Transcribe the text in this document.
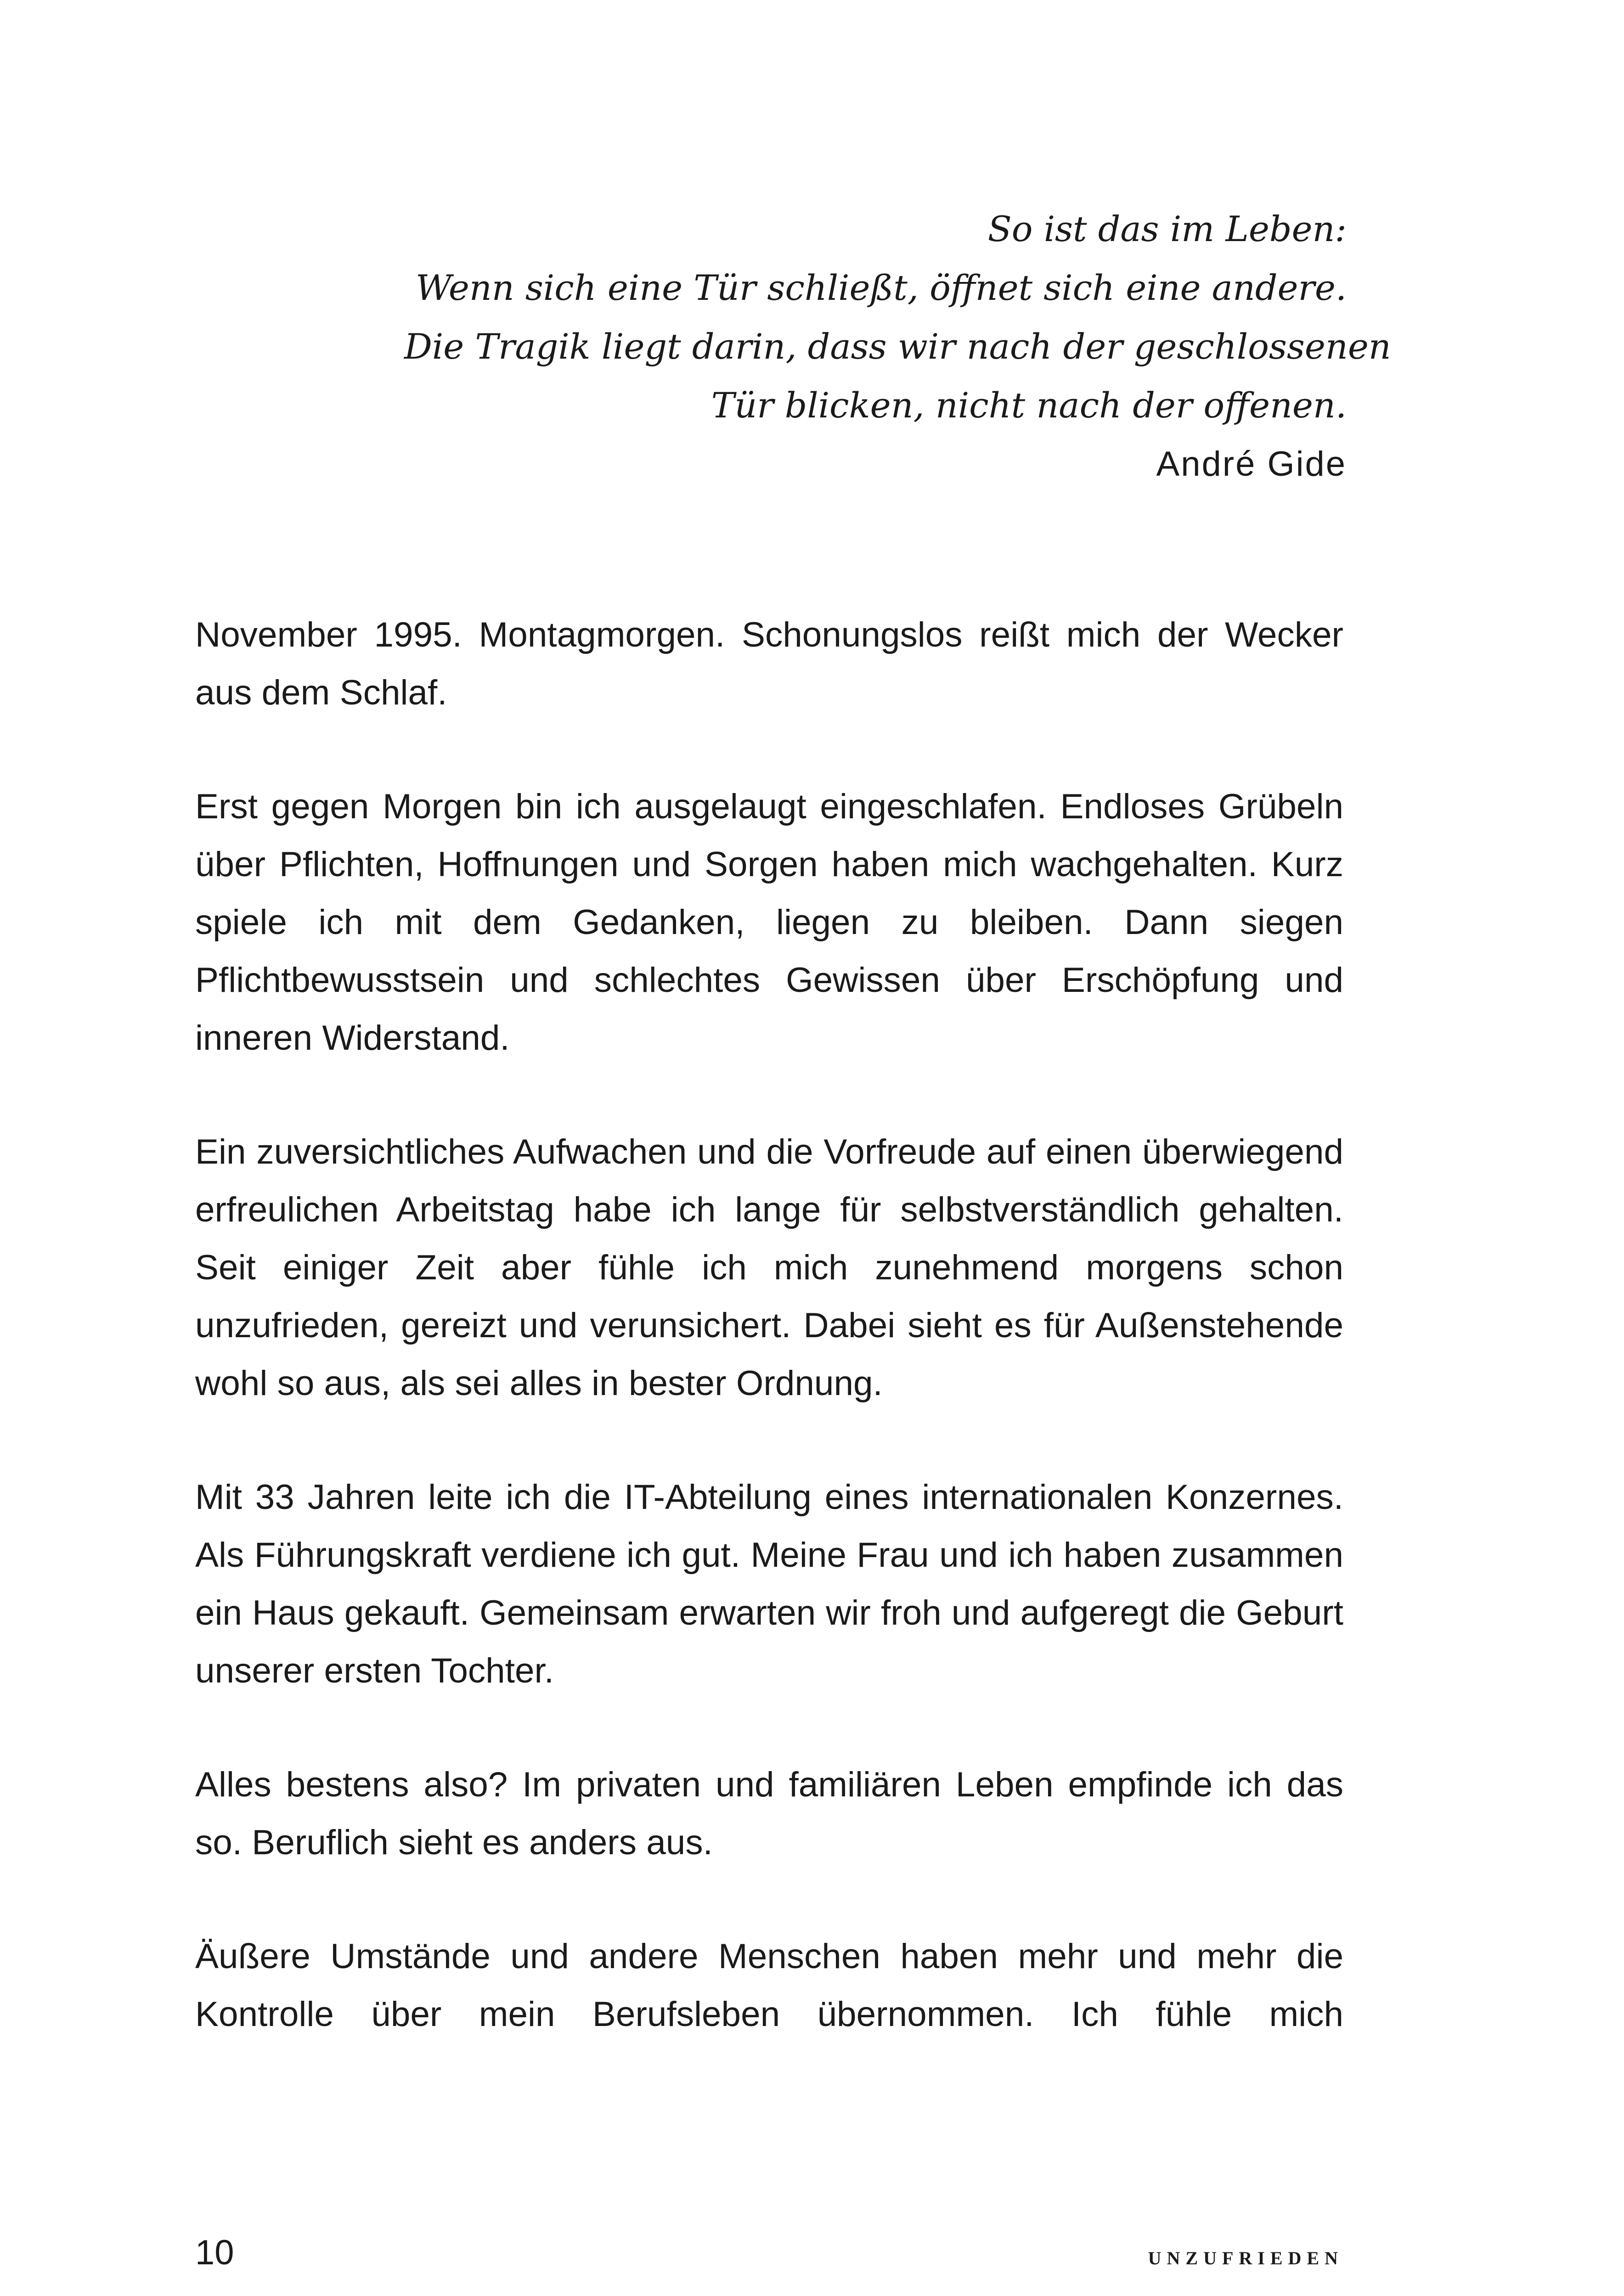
So ist das im Leben:
Wenn sich eine Tür schließt, öffnet sich eine andere.
Die Tragik liegt darin, dass wir nach der geschlossenen
Tür blicken, nicht nach der offenen.
André Gide

November 1995. Montagmorgen. Schonungslos reißt mich der Wecker aus dem Schlaf.

Erst gegen Morgen bin ich ausgelaugt eingeschlafen. Endloses Grübeln über Pflichten, Hoffnungen und Sorgen haben mich wachgehalten. Kurz spiele ich mit dem Gedanken, liegen zu bleiben. Dann siegen Pflichtbewusstsein und schlechtes Gewissen über Erschöpfung und inneren Widerstand.

Ein zuversichtliches Aufwachen und die Vorfreude auf einen überwiegend erfreulichen Arbeitstag habe ich lange für selbstverständlich gehalten. Seit einiger Zeit aber fühle ich mich zunehmend morgens schon unzufrieden, gereizt und verunsichert. Dabei sieht es für Außenstehende wohl so aus, als sei alles in bester Ordnung.

Mit 33 Jahren leite ich die IT-Abteilung eines internationalen Konzernes. Als Führungskraft verdiene ich gut. Meine Frau und ich haben zusammen ein Haus gekauft. Gemeinsam erwarten wir froh und aufgeregt die Geburt unserer ersten Tochter.

Alles bestens also? Im privaten und familiären Leben empfinde ich das so. Beruflich sieht es anders aus.

Äußere Umstände und andere Menschen haben mehr und mehr die Kontrolle über mein Berufsleben übernommen. Ich fühle mich

10	UNZUFRIEDEN
